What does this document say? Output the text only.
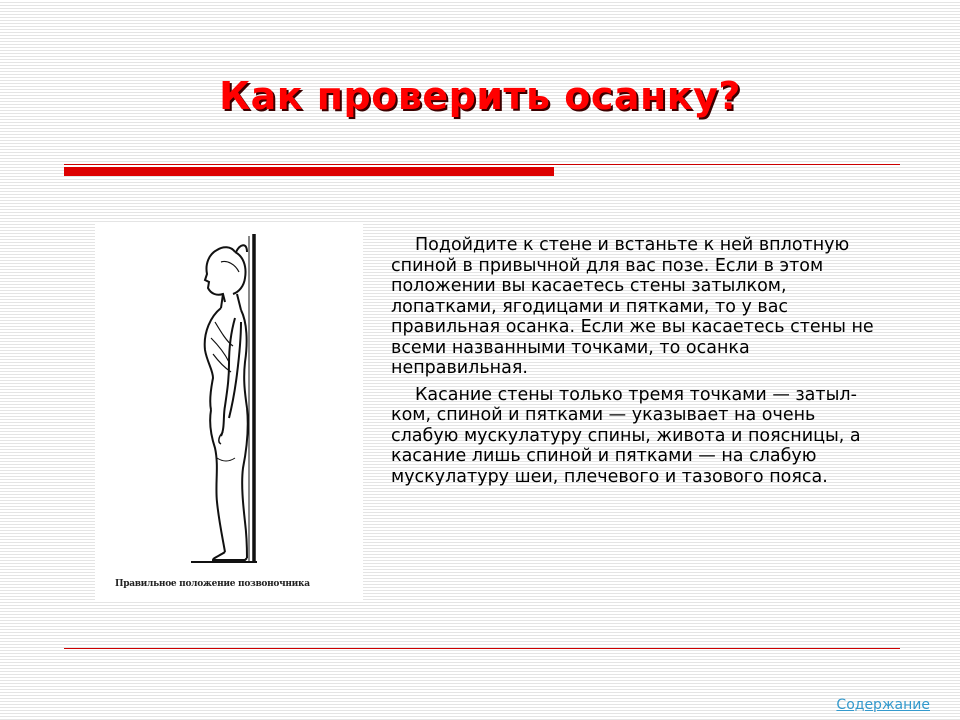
Как проверить осанку?
Правильное положение позвоночника

Подойдите к стене и встаньте к ней вплотную спиной в привычной для вас позе. Если в этом положении вы касаетесь стены затылком, лопатками, ягодицами и пятками, то у вас правильная осанка. Если же вы касаетесь стены не всеми названными точками, то осанка неправильная.

Касание стены только тремя точками — затыл-ком, спиной и пятками — указывает на очень слабую мускулатуру спины, живота и поясницы, а касание лишь спиной и пятками — на слабую мускулатуру шеи, плечевого и тазового пояса.

Содержание
